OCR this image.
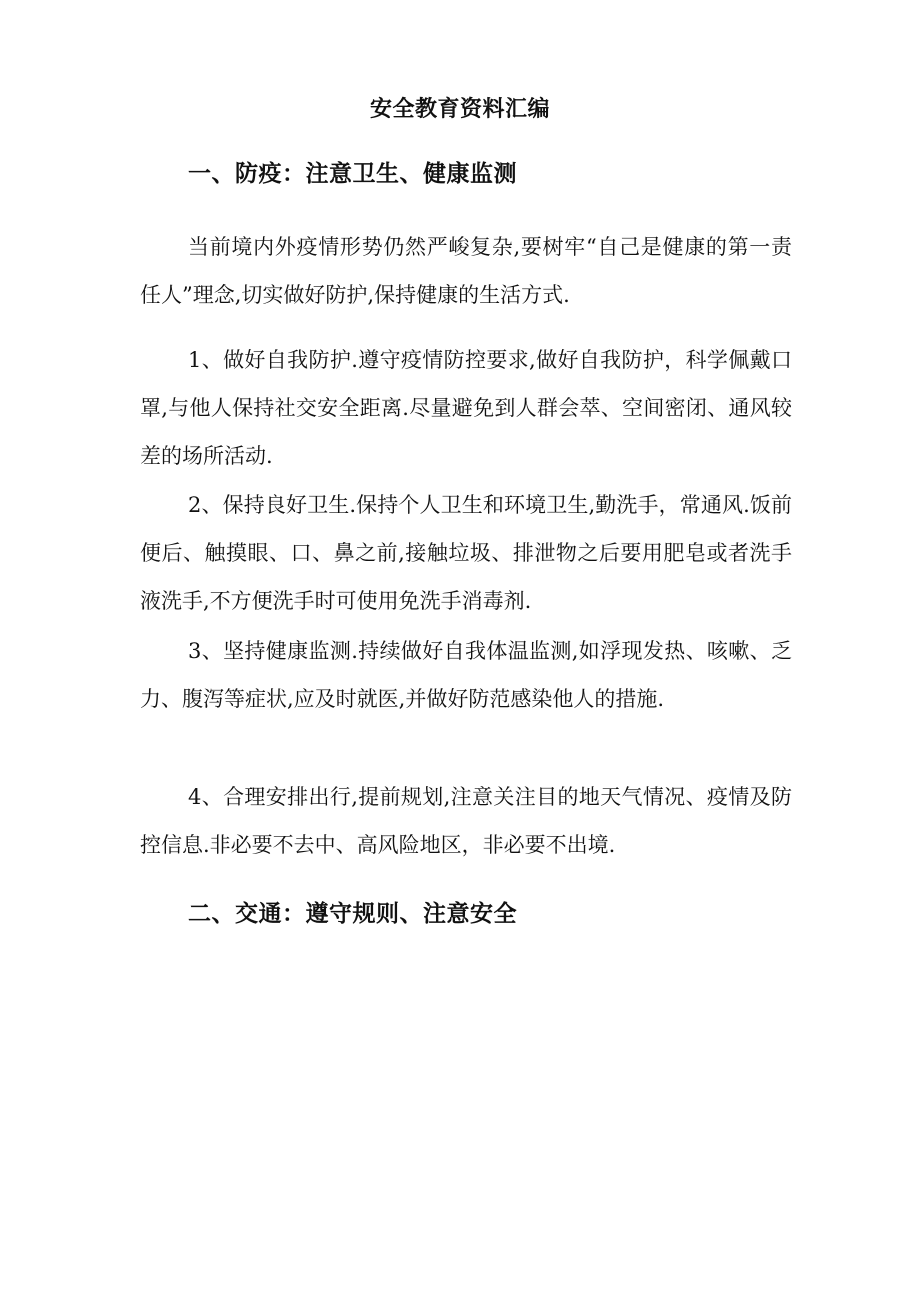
安全教育资料汇编
一、防疫：注意卫生、健康监测

当前境内外疫情形势仍然严峻复杂,要树牢“自己是健康的第一责任人”理念,切实做好防护,保持健康的生活方式.

1、做好自我防护.遵守疫情防控要求,做好自我防护，科学佩戴口罩,与他人保持社交安全距离.尽量避免到人群会萃、空间密闭、通风较差的场所活动.

2、保持良好卫生.保持个人卫生和环境卫生,勤洗手，常通风.饭前便后、触摸眼、口、鼻之前,接触垃圾、排泄物之后要用肥皂或者洗手液洗手,不方便洗手时可使用免洗手消毒剂.

3、坚持健康监测.持续做好自我体温监测,如浮现发热、咳嗽、乏力、腹泻等症状,应及时就医,并做好防范感染他人的措施.

4、合理安排出行,提前规划,注意关注目的地天气情况、疫情及防控信息.非必要不去中、高风险地区，非必要不出境.

二、交通：遵守规则、注意安全
